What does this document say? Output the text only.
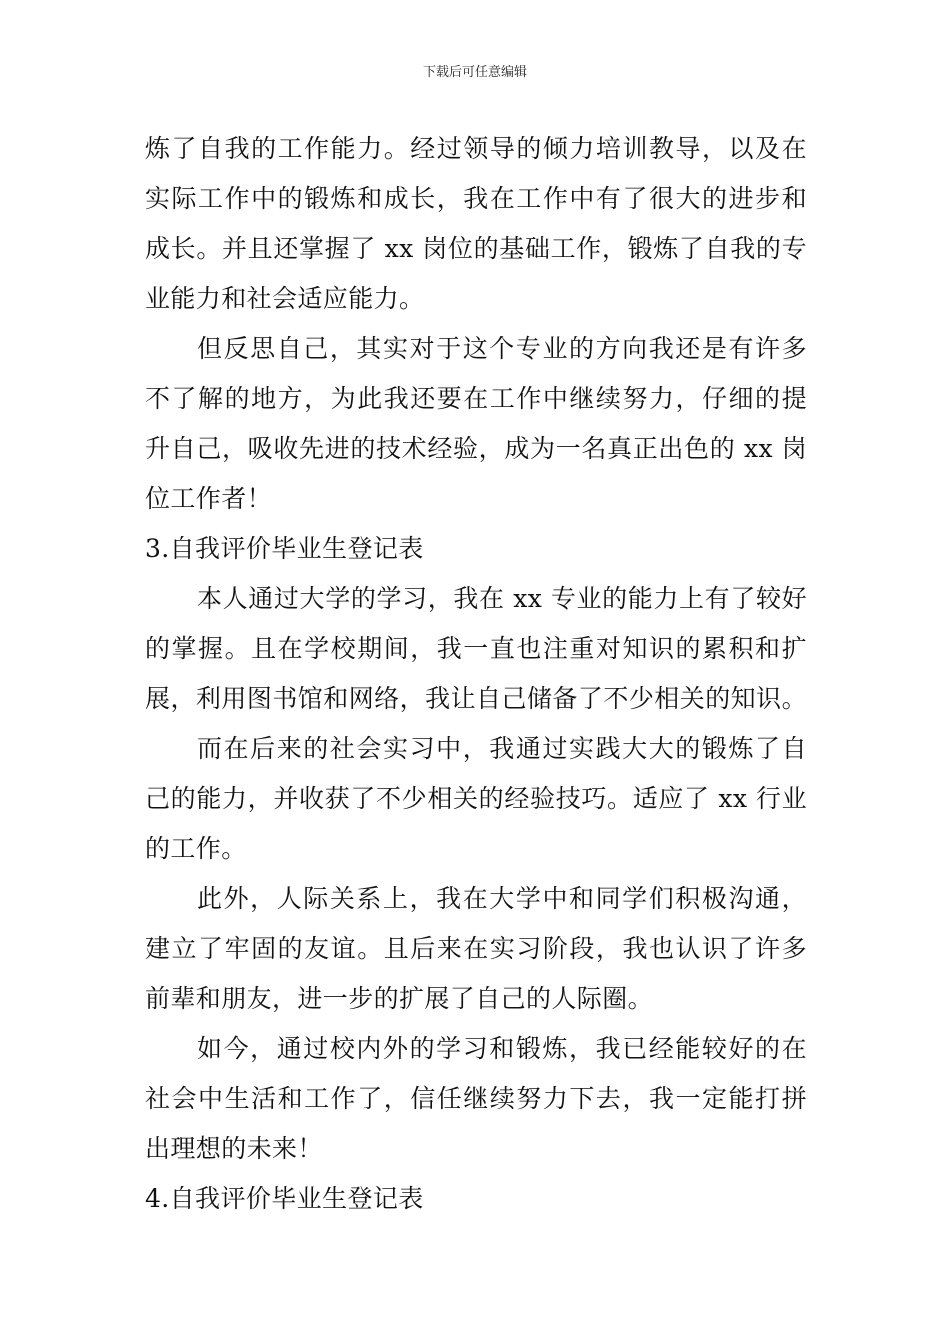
下载后可任意编辑
炼了自我的工作能力。经过领导的倾力培训教导，以及在
实际工作中的锻炼和成长，我在工作中有了很大的进步和
成长。并且还掌握了 xx 岗位的基础工作，锻炼了自我的专
业能力和社会适应能力。
但反思自己，其实对于这个专业的方向我还是有许多
不了解的地方，为此我还要在工作中继续努力，仔细的提
升自己，吸收先进的技术经验，成为一名真正出色的 xx 岗
位工作者！
3.自我评价毕业生登记表
本人通过大学的学习，我在 xx 专业的能力上有了较好
的掌握。且在学校期间，我一直也注重对知识的累积和扩
展，利用图书馆和网络，我让自己储备了不少相关的知识。
而在后来的社会实习中，我通过实践大大的锻炼了自
己的能力，并收获了不少相关的经验技巧。适应了 xx 行业
的工作。
此外，人际关系上，我在大学中和同学们积极沟通，
建立了牢固的友谊。且后来在实习阶段，我也认识了许多
前辈和朋友，进一步的扩展了自己的人际圈。
如今，通过校内外的学习和锻炼，我已经能较好的在
社会中生活和工作了，信任继续努力下去，我一定能打拼
出理想的未来！
4.自我评价毕业生登记表
